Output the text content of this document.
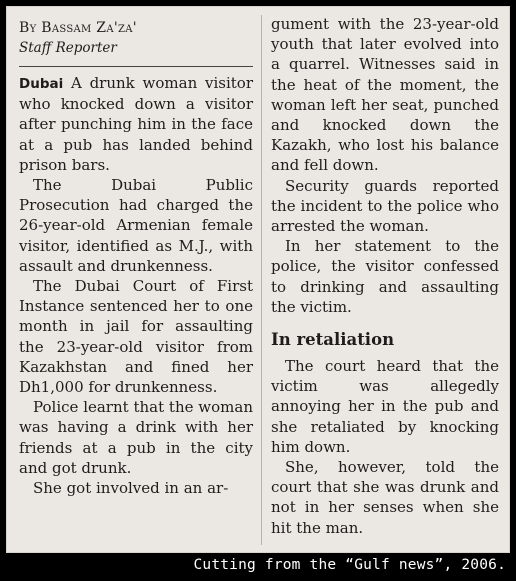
By Bassam Za'za'
Staff Reporter

Dubai A drunk woman visitor who knocked down a visitor after punching him in the face at a pub has landed behind prison bars.

The Dubai Public Prosecution had charged the 26-year-old Armenian female visitor, identified as M.J., with assault and drunkenness.

The Dubai Court of First Instance sentenced her to one month in jail for assaulting the 23-year-old visitor from Kazakhstan and fined her Dh1,000 for drunkenness.

Police learnt that the woman was having a drink with her friends at a pub in the city and got drunk.

She got involved in an ar-

gument with the 23-year-old youth that later evolved into a quarrel. Witnesses said in the heat of the moment, the woman left her seat, punched and knocked down the Kazakh, who lost his balance and fell down.

Security guards reported the incident to the police who arrested the woman.

In her statement to the police, the visitor confessed to drinking and assaulting the victim.

In retaliation

The court heard that the victim was allegedly annoying her in the pub and she retaliated by knocking him down.

She, however, told the court that she was drunk and not in her senses when she hit the man.

Cutting from the “Gulf news”, 2006.
